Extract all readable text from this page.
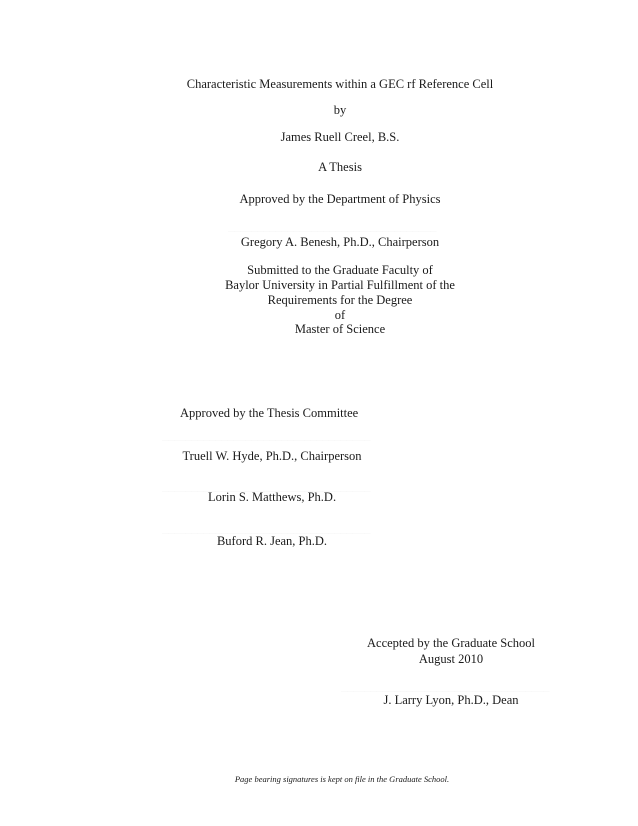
Characteristic Measurements within a GEC rf Reference Cell
by
James Ruell Creel, B.S.
A Thesis
Approved by the Department of Physics
___________________________________
Gregory A. Benesh, Ph.D., Chairperson
Submitted to the Graduate Faculty of
Baylor University in Partial Fulfillment of the
Requirements for the Degree
of
Master of Science
Approved by the Thesis Committee
___________________________________
Truell W. Hyde, Ph.D., Chairperson
___________________________________
Lorin S. Matthews, Ph.D.
___________________________________
Buford R. Jean, Ph.D.
Accepted by the Graduate School
August 2010
___________________________________
J. Larry Lyon, Ph.D., Dean
Page bearing signatures is kept on file in the Graduate School.
